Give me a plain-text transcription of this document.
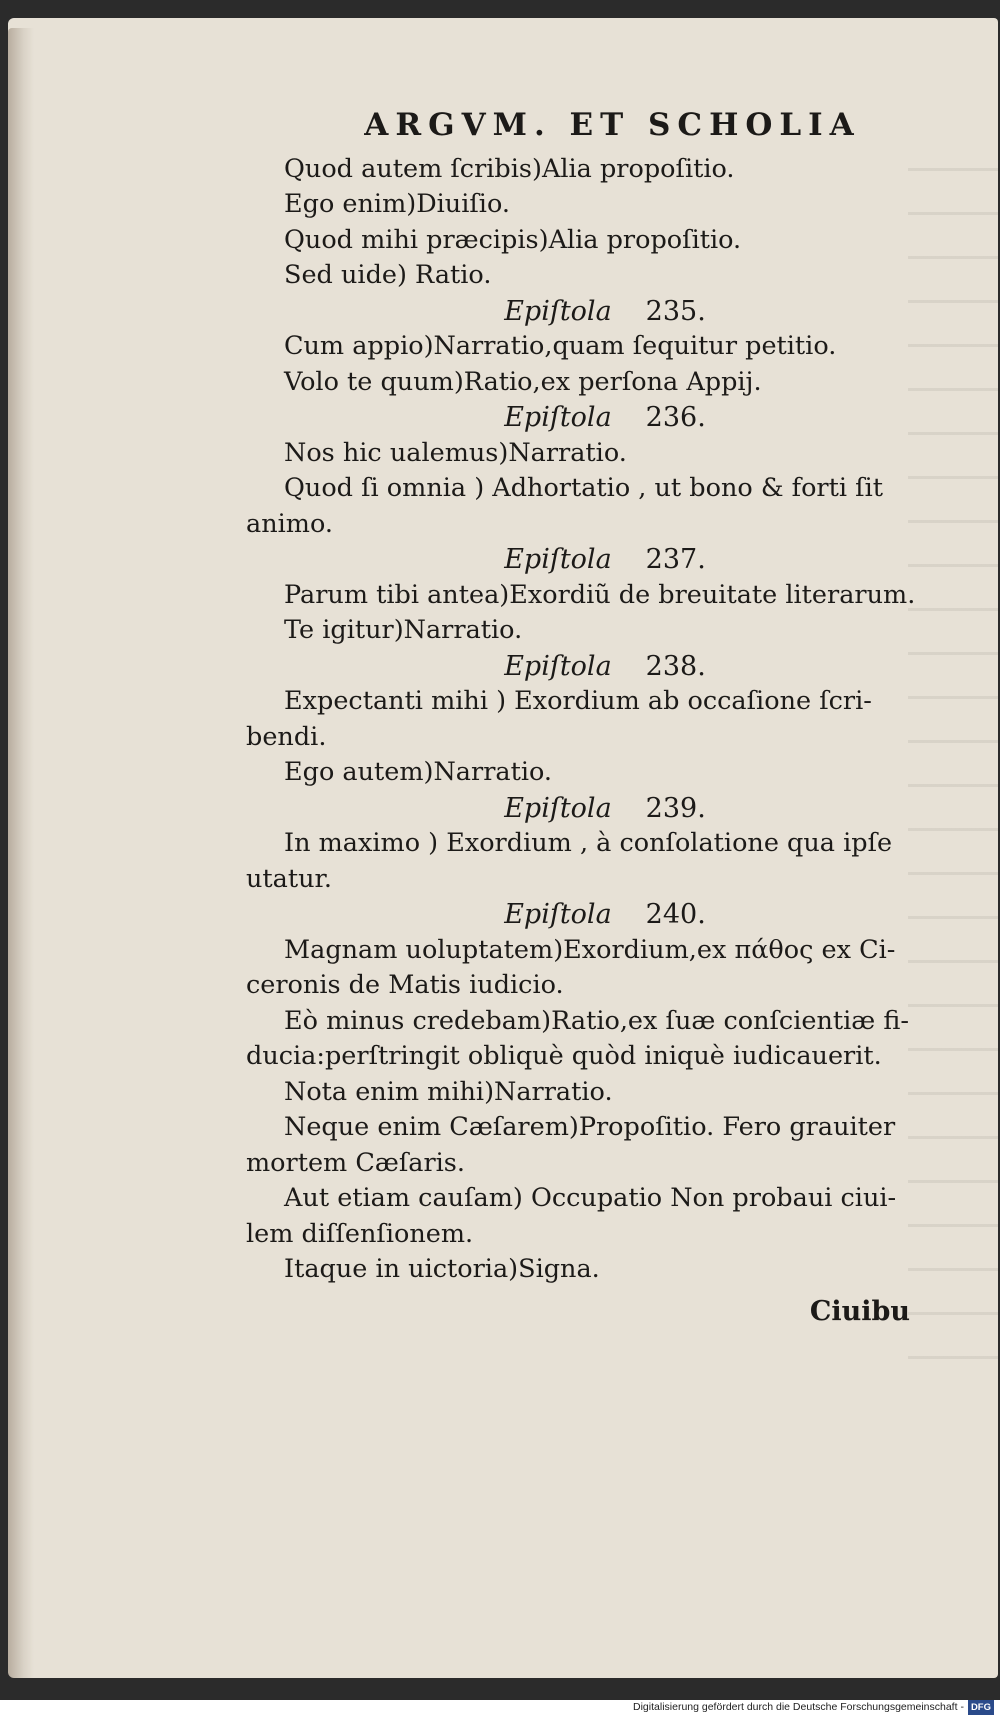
ARGVM. ET SCHOLIA
Quod autem ſcribis)Alia propoſitio.
Ego enim)Diuiſio.
Quod mihi præcipis)Alia propoſitio.
Sed uide) Ratio.
Epiſtola 235.
Cum appio)Narratio,quam ſequitur petitio.
Volo te quum)Ratio,ex perſona Appij.
Epiſtola 236.
Nos hic ualemus)Narratio.
Quod ſi omnia ) Adhortatio , ut bono & forti ſit
animo.
Epiſtola 237.
Parum tibi antea)Exordiũ de breuitate literarum.
Te igitur)Narratio.
Epiſtola 238.
Expectanti mihi ) Exordium ab occaſione ſcri-
bendi.
Ego autem)Narratio.
Epiſtola 239.
In maximo ) Exordium , à conſolatione qua ipſe
utatur.
Epiſtola 240.
Magnam uoluptatem)Exordium,ex πάθος ex Ci-
ceronis de Matis iudicio.
Eò minus credebam)Ratio,ex ſuæ conſcientiæ fi-
ducia:perſtringit obliquè quòd iniquè iudicauerit.
Nota enim mihi)Narratio.
Neque enim Cæſarem)Propoſitio. Fero grauiter
mortem Cæſaris.
Aut etiam cauſam) Occupatio Non probaui ciui-
lem diſſenſionem.
Itaque in uictoria)Signa.
Ciuibu
Digitalisierung gefördert durch die Deutsche Forschungsgemeinschaft - DFG
